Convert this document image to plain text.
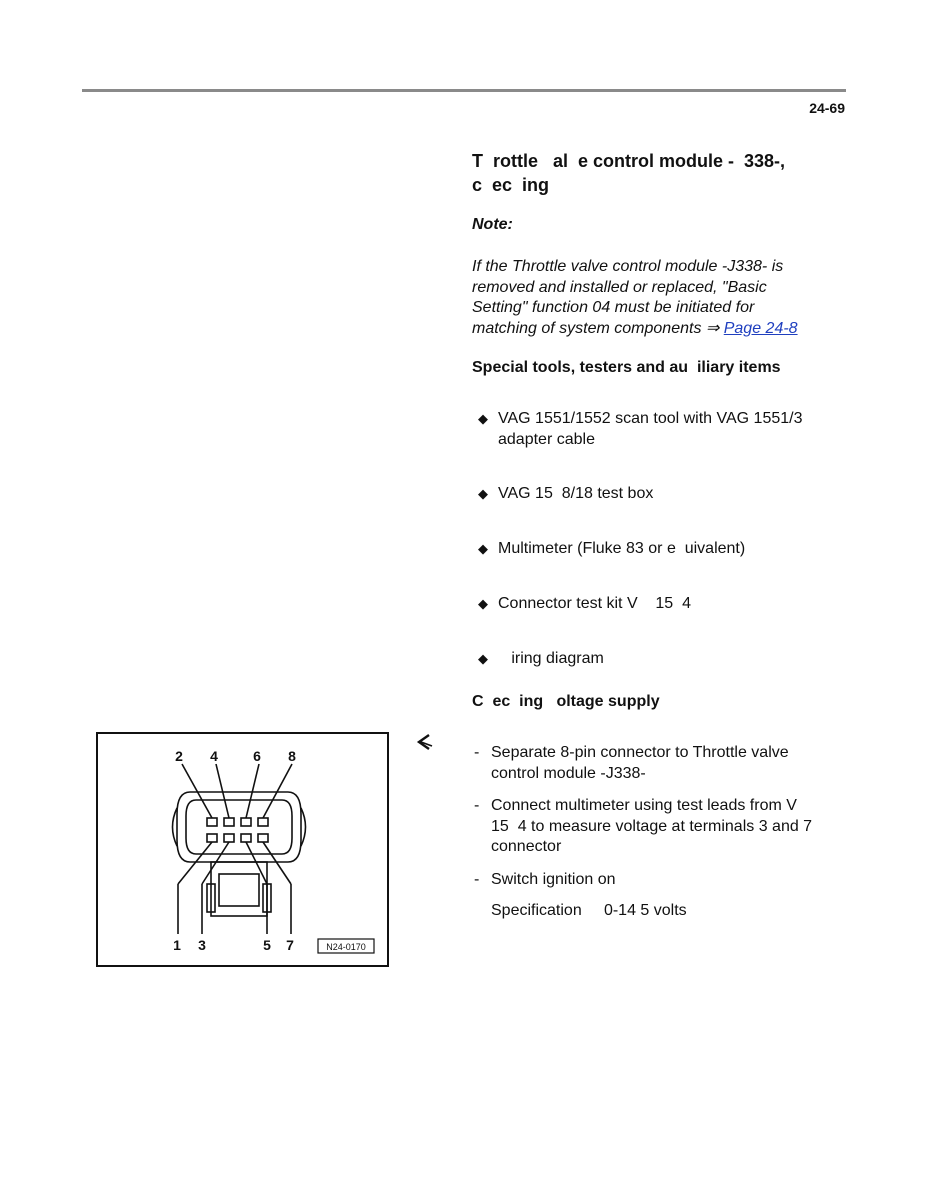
24-69
T  rottle   al  e control module -  338-,
c  ec  ing
Note:
If the Throttle valve control module -J338- is
removed and installed or replaced, "Basic
Setting" function 04 must be initiated for
matching of system components ⇒ Page 24-8
Special tools, testers and au  iliary items
◆ VAG 1551/1552 scan tool with VAG 1551/3
adapter cable
◆ VAG 15  8/18 test box
◆ Multimeter (Fluke 83 or e  uivalent)
◆ Connector test kit V    15  4
◆ iring diagram
C  ec  ing   oltage supply
- Separate 8-pin connector to Throttle valve
control module -J338-
- Connect multimeter using test leads from V
15  4 to measure voltage at terminals 3 and 7
connector
- Switch ignition on
Specification     0-14 5 volts
2 4	6 8
1 3	5 7	N24-0170
